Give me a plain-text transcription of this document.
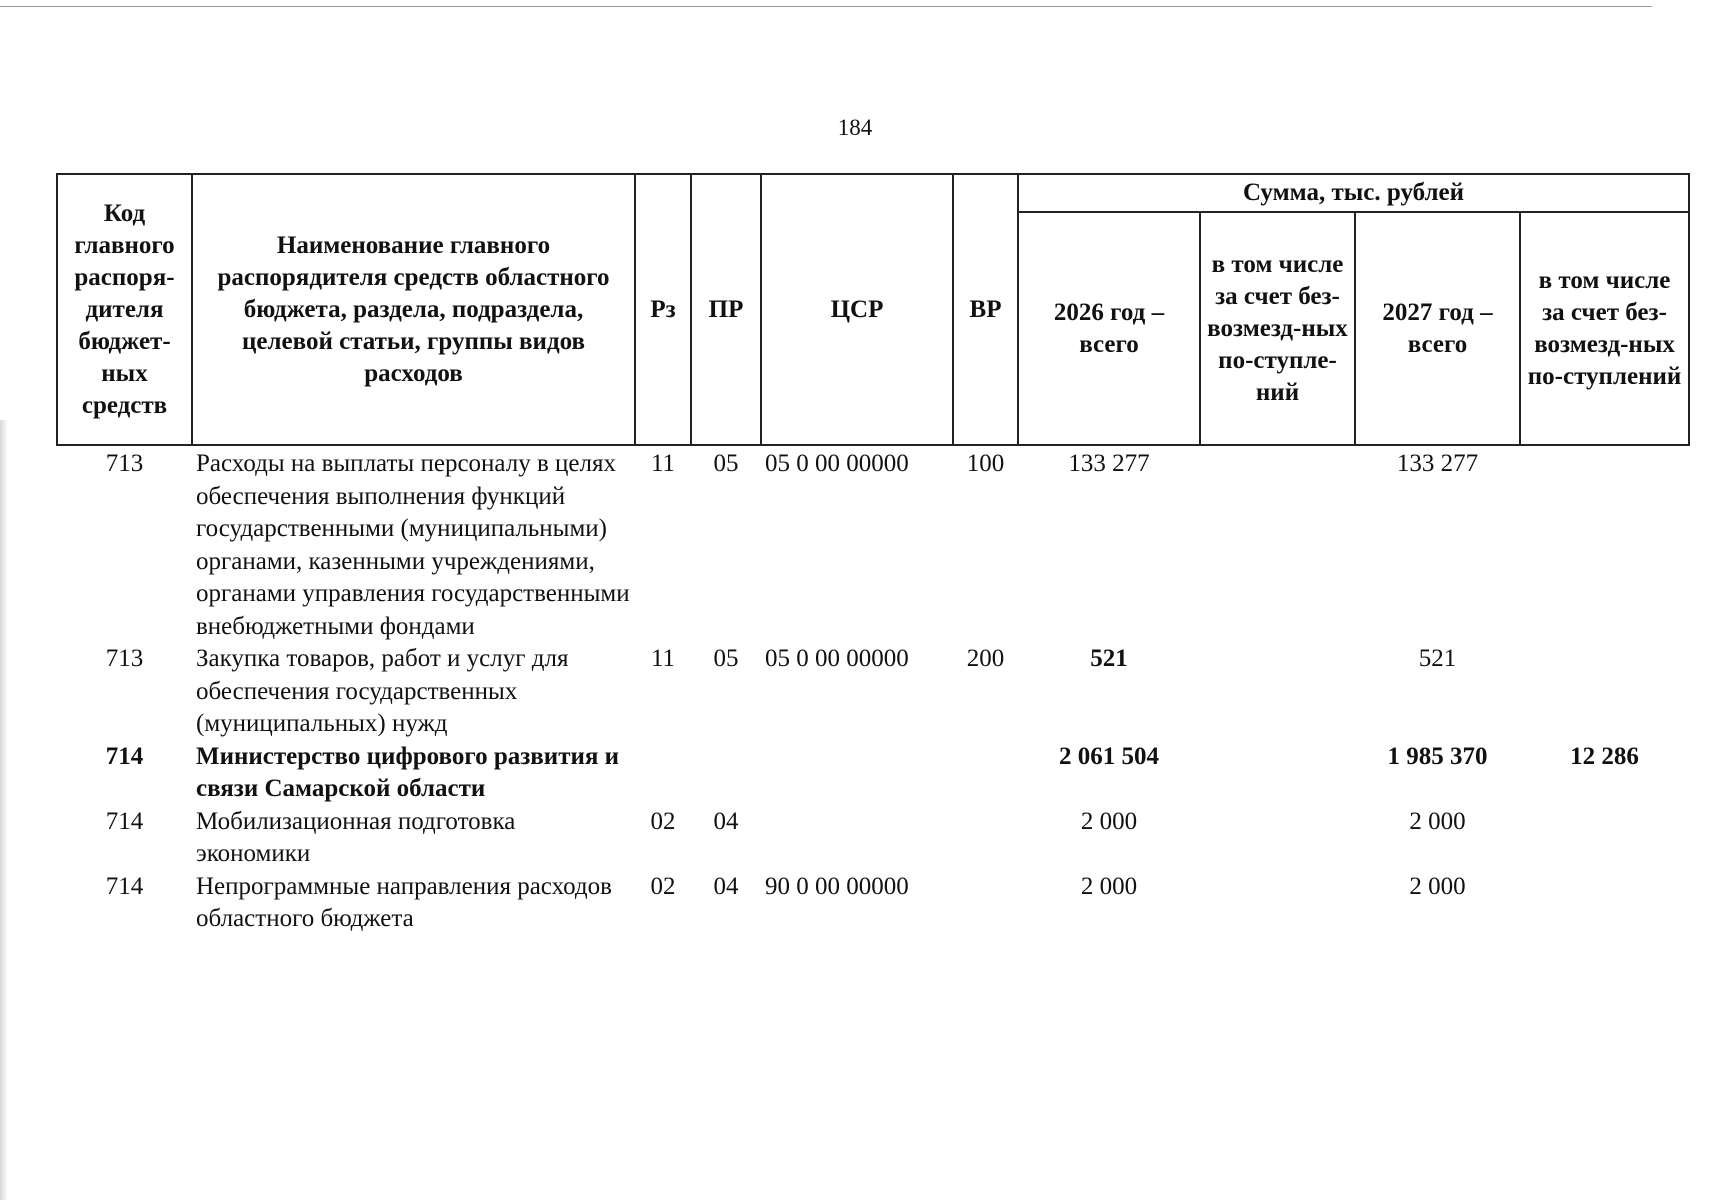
184
Код главного распоря-дителя бюджет-ных средств	Наименование главного распорядителя средств областного бюджета, раздела, подраздела, целевой статьи, группы видов расходов	Рз	ПР	ЦСР	ВР	Сумма, тыс. рублей			
						2026 год – всего	в том числе за счет без-возмезд-ных по-ступле-ний	2027 год – всего	в том числе за счет без-возмезд-ных по-ступлений
713	Расходы на выплаты персоналу в целях обеспечения выполнения функций государственными (муниципальными) органами, казенными учреждениями, органами управления государственными внебюджетными фондами	11	05	05 0 00 00000	100	133 277		133 277	
713	Закупка товаров, работ и услуг для обеспечения государственных (муниципальных) нужд	11	05	05 0 00 00000	200	521		521	
714	Министерство цифрового развития и связи Самарской области					2 061 504		1 985 370	12 286
714	Мобилизационная подготовка экономики	02	04			2 000		2 000	
714	Непрограммные направления расходов областного бюджета	02	04	90 0 00 00000		2 000		2 000	
